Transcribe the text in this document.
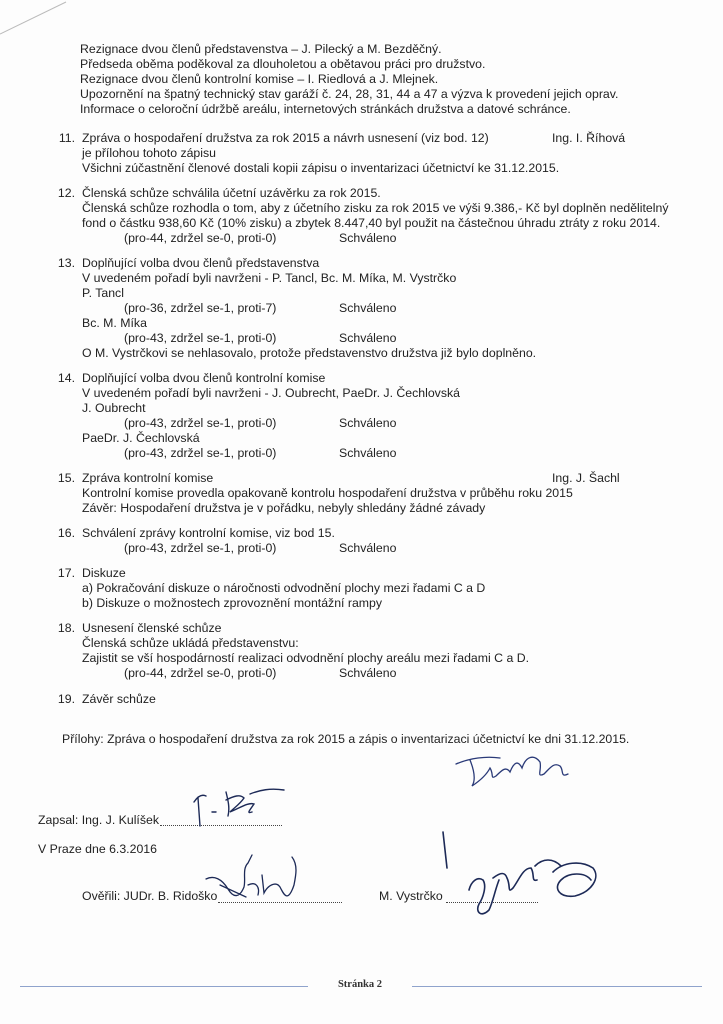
Rezignace dvou členů představenstva – J. Pilecký a M. Bezděčný.
Předseda oběma poděkoval za dlouholetou a obětavou práci pro družstvo.
Rezignace dvou členů kontrolní komise – I. Riedlová a J. Mlejnek.
Upozornění na špatný technický stav garáží č. 24, 28, 31, 44 a 47 a výzva k provedení jejich oprav.
Informace o celoroční údržbě areálu, internetových stránkách družstva a datové schránce.
11. Zpráva o hospodaření družstva za rok 2015 a návrh usnesení (viz bod. 12)	Ing. I. Říhová
je přílohou tohoto zápisu
Všichni zúčastnění členové dostali kopii zápisu o inventarizaci účetnictví ke 31.12.2015.
12. Členská schůze schválila účetní uzávěrku za rok 2015.
Členská schůze rozhodla o tom, aby z účetního zisku za rok 2015 ve výši 9.386,- Kč byl doplněn nedělitelný
fond o částku 938,60 Kč (10% zisku) a zbytek 8.447,40 byl použit na částečnou úhradu ztráty z roku 2014.
(pro-44, zdržel se-0, proti-0)	Schváleno
13. Doplňující volba dvou členů představenstva
V uvedeném pořadí byli navrženi - P. Tancl, Bc. M. Míka, M. Vystrčko
P. Tancl
(pro-36, zdržel se-1, proti-7)	Schváleno
Bc. M. Míka
(pro-43, zdržel se-1, proti-0)	Schváleno
O M. Vystrčkovi se nehlasovalo, protože představenstvo družstva již bylo doplněno.
14. Doplňující volba dvou členů kontrolní komise
V uvedeném pořadí byli navrženi - J. Oubrecht, PaeDr. J. Čechlovská
J. Oubrecht
(pro-43, zdržel se-1, proti-0)	Schváleno
PaeDr. J. Čechlovská
(pro-43, zdržel se-1, proti-0)	Schváleno
15. Zpráva kontrolní komise	Ing. J. Šachl
Kontrolní komise provedla opakovaně kontrolu hospodaření družstva v průběhu roku 2015
Závěr: Hospodaření družstva je v pořádku, nebyly shledány žádné závady
16. Schválení zprávy kontrolní komise, viz bod 15.
(pro-43, zdržel se-1, proti-0)	Schváleno
17. Diskuze
a) Pokračování diskuze o náročnosti odvodnění plochy mezi řadami C a D
b) Diskuze o možnostech zprovoznění montážní rampy
18. Usnesení členské schůze
Členská schůze ukládá představenstvu:
Zajistit se vší hospodárností realizaci odvodnění plochy areálu mezi řadami C a D.
(pro-44, zdržel se-0, proti-0)	Schváleno
19. Závěr schůze
Přílohy: Zpráva o hospodaření družstva za rok 2015 a zápis o inventarizaci účetnictví ke dni 31.12.2015.
Zapsal: Ing. J. Kulíšek
V Praze dne 6.3.2016
Ověřili: JUDr. B. Ridoško	M. Vystrčko
Stránka 2
